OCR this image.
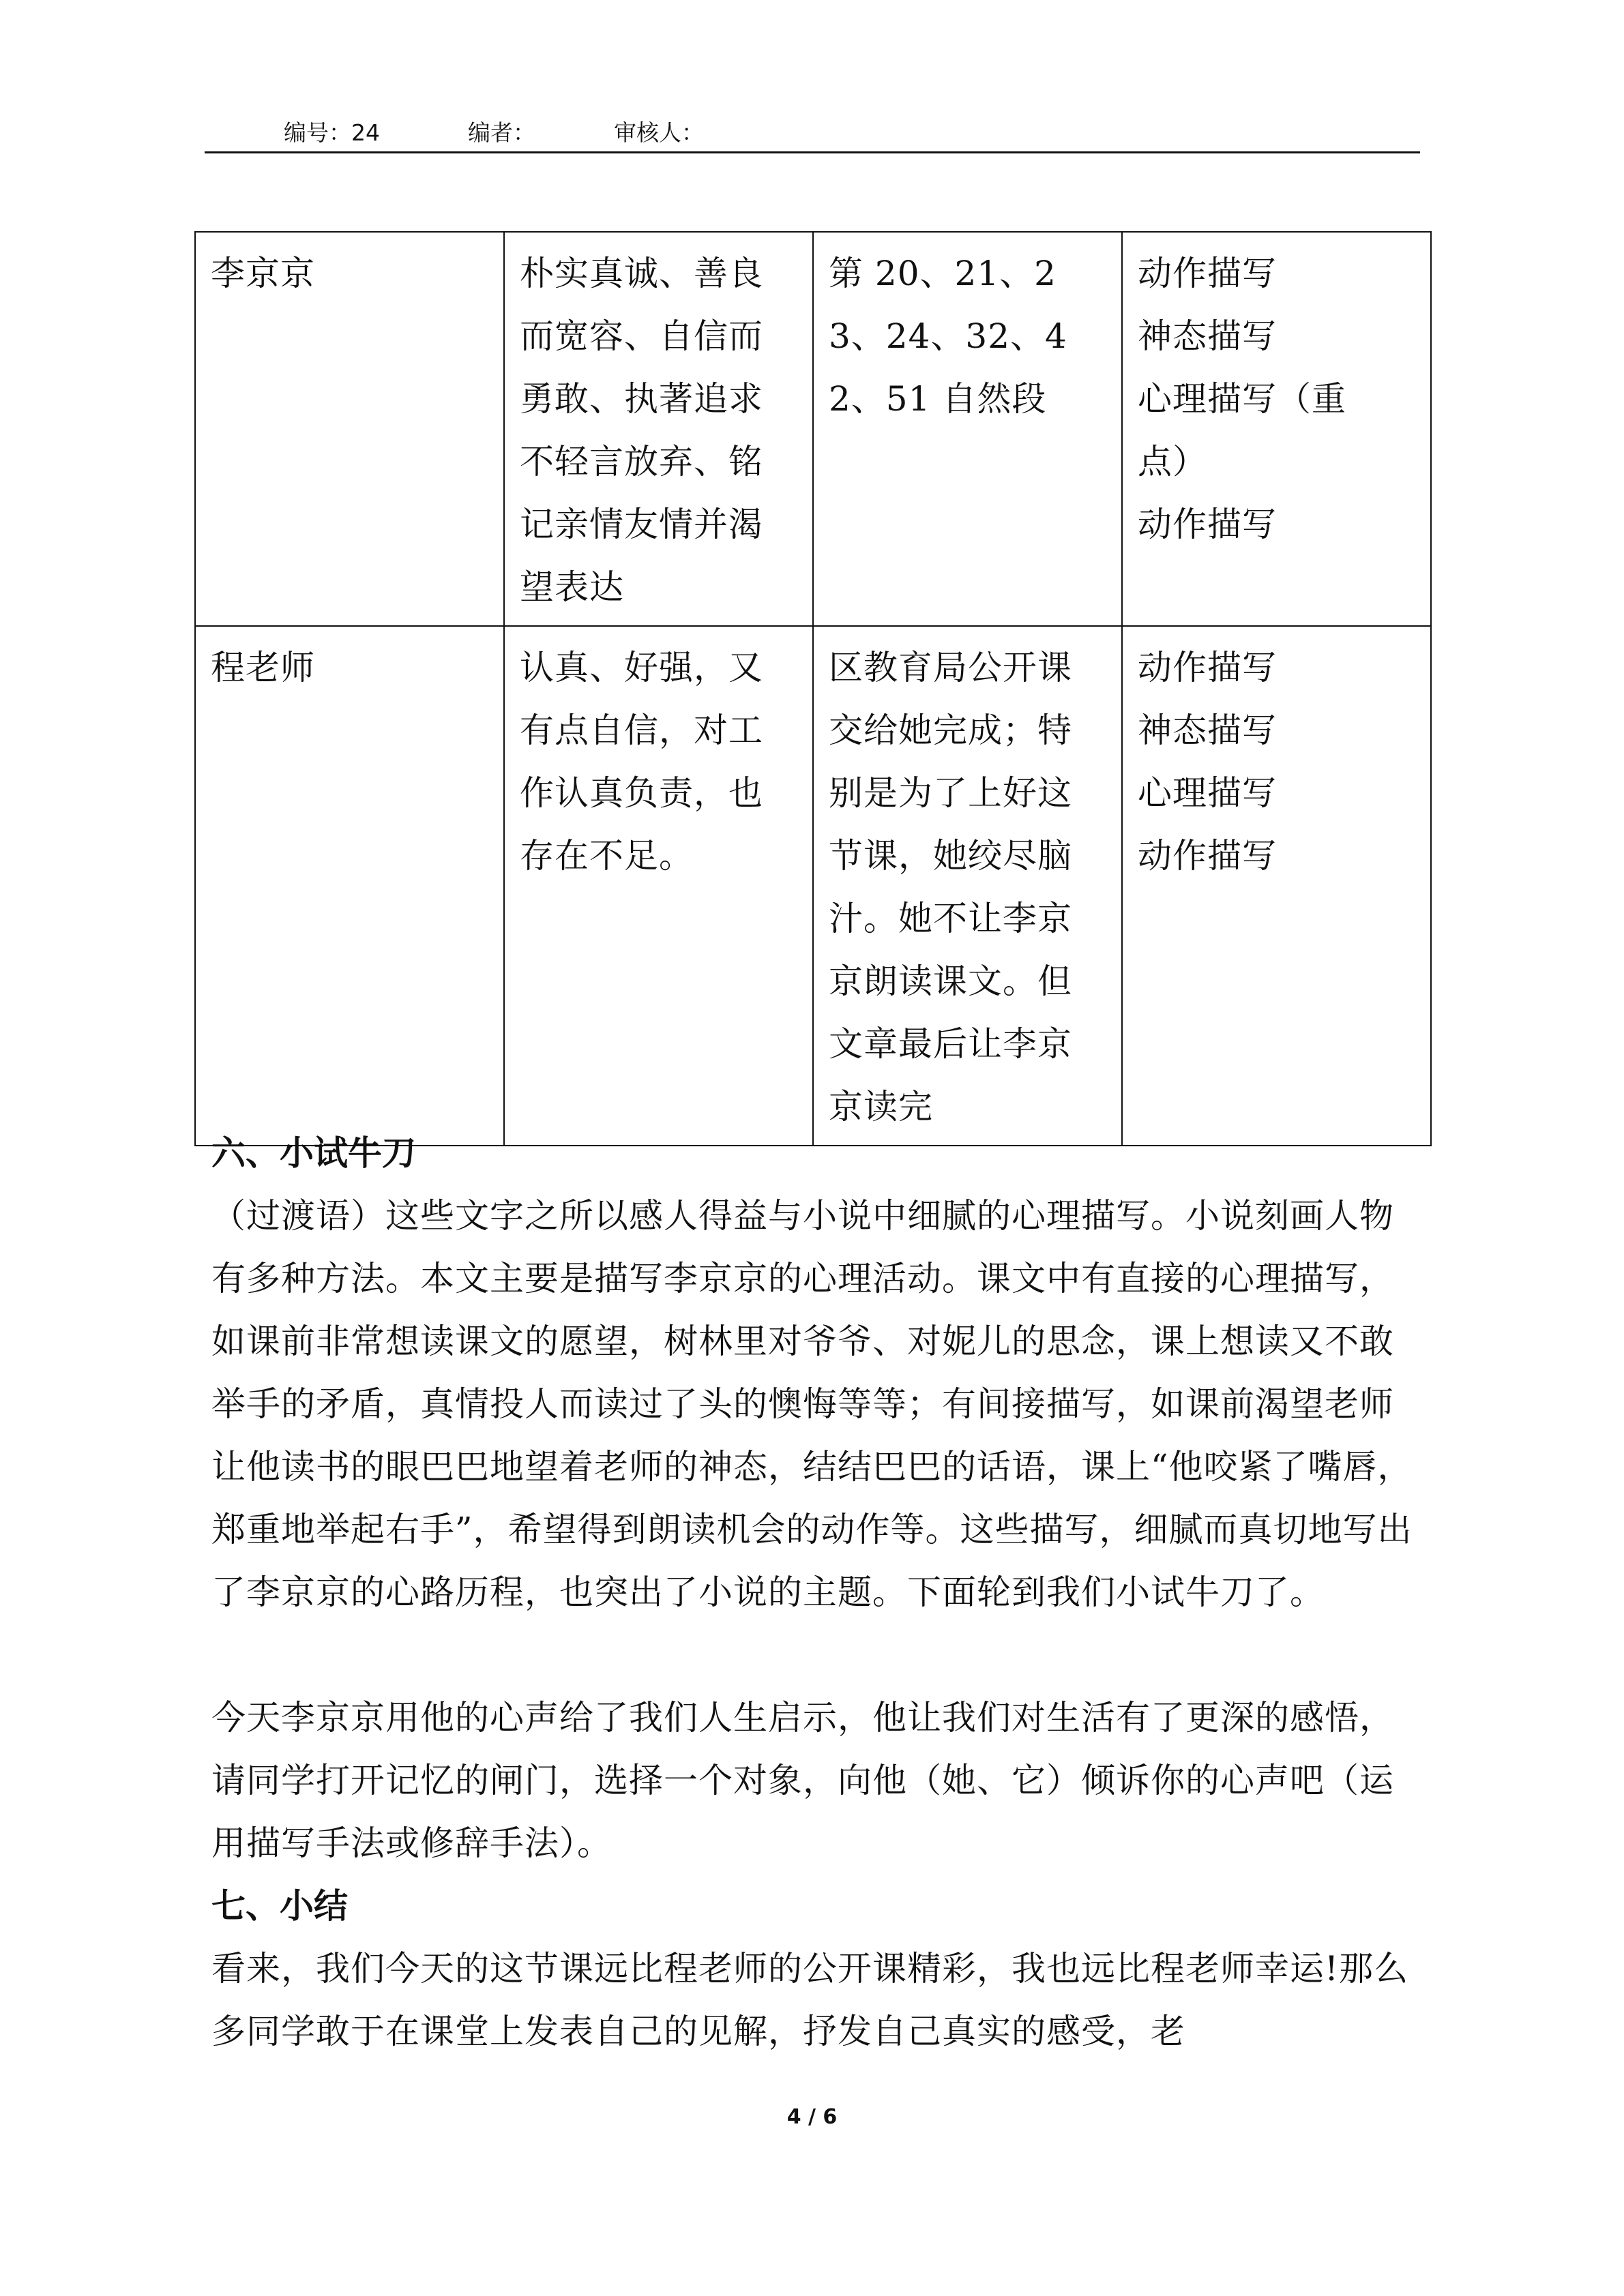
编号：24	编者：	审核人：
李京京	朴实真诚、善良而宽容、自信而勇敢、执著追求不轻言放弃、铭记亲情友情并渴望表达	第 20、21、23、24、32、42、51 自然段	动作描写
神态描写
心理描写（重点）
动作描写
程老师	认真、好强，又有点自信，对工作认真负责，也存在不足。	区教育局公开课交给她完成；特别是为了上好这节课，她绞尽脑汁。她不让李京京朗读课文。但文章最后让李京京读完	动作描写
神态描写
心理描写
动作描写
六、小试牛刀

（过渡语）这些文字之所以感人得益与小说中细腻的心理描写。小说刻画人物有多种方法。本文主要是描写李京京的心理活动。课文中有直接的心理描写，如课前非常想读课文的愿望，树林里对爷爷、对妮儿的思念，课上想读又不敢举手的矛盾，真情投人而读过了头的懊悔等等；有间接描写，如课前渴望老师让他读书的眼巴巴地望着老师的神态，结结巴巴的话语，课上“他咬紧了嘴唇，郑重地举起右手”，希望得到朗读机会的动作等。这些描写，细腻而真切地写出了李京京的心路历程，也突出了小说的主题。下面轮到我们小试牛刀了。

今天李京京用他的心声给了我们人生启示，他让我们对生活有了更深的感悟，请同学打开记忆的闸门，选择一个对象，向他（她、它）倾诉你的心声吧（运用描写手法或修辞手法）。

七、小结

看来，我们今天的这节课远比程老师的公开课精彩，我也远比程老师幸运!那么多同学敢于在课堂上发表自己的见解，抒发自己真实的感受，老

4 / 6
